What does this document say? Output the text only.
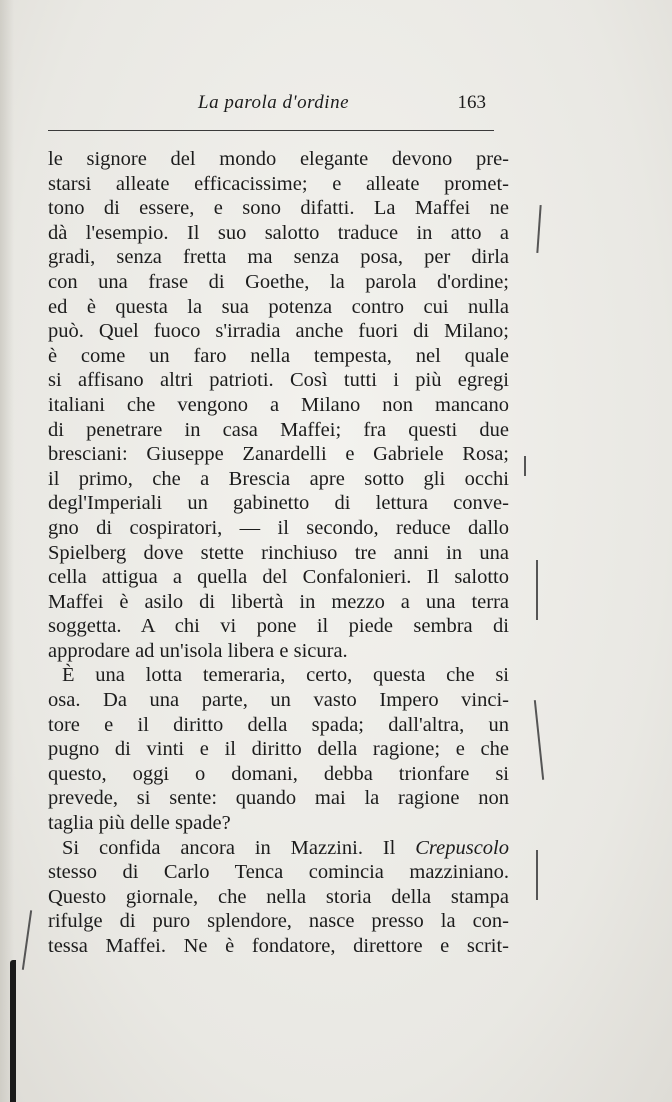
La parola d'ordine	163
le signore del mondo elegante devono pre-
starsi alleate efficacissime; e alleate promet-
tono di essere, e sono difatti. La Maffei ne
dà l'esempio. Il suo salotto traduce in atto a
gradi, senza fretta ma senza posa, per dirla
con una frase di Goethe, la parola d'ordine;
ed è questa la sua potenza contro cui nulla
può. Quel fuoco s'irradia anche fuori di Milano;
è come un faro nella tempesta, nel quale
si affisano altri patrioti. Così tutti i più egregi
italiani che vengono a Milano non mancano
di penetrare in casa Maffei; fra questi due
bresciani: Giuseppe Zanardelli e Gabriele Rosa;
il primo, che a Brescia apre sotto gli occhi
degl'Imperiali un gabinetto di lettura conve-
gno di cospiratori, — il secondo, reduce dallo
Spielberg dove stette rinchiuso tre anni in una
cella attigua a quella del Confalonieri. Il salotto
Maffei è asilo di libertà in mezzo a una terra
soggetta. A chi vi pone il piede sembra di
approdare ad un'isola libera e sicura.
È una lotta temeraria, certo, questa che si
osa. Da una parte, un vasto Impero vinci-
tore e il diritto della spada; dall'altra, un
pugno di vinti e il diritto della ragione; e che
questo, oggi o domani, debba trionfare si
prevede, si sente: quando mai la ragione non
taglia più delle spade?
Si confida ancora in Mazzini. Il Crepuscolo
stesso di Carlo Tenca comincia mazziniano.
Questo giornale, che nella storia della stampa
rifulge di puro splendore, nasce presso la con-
tessa Maffei. Ne è fondatore, direttore e scrit-
